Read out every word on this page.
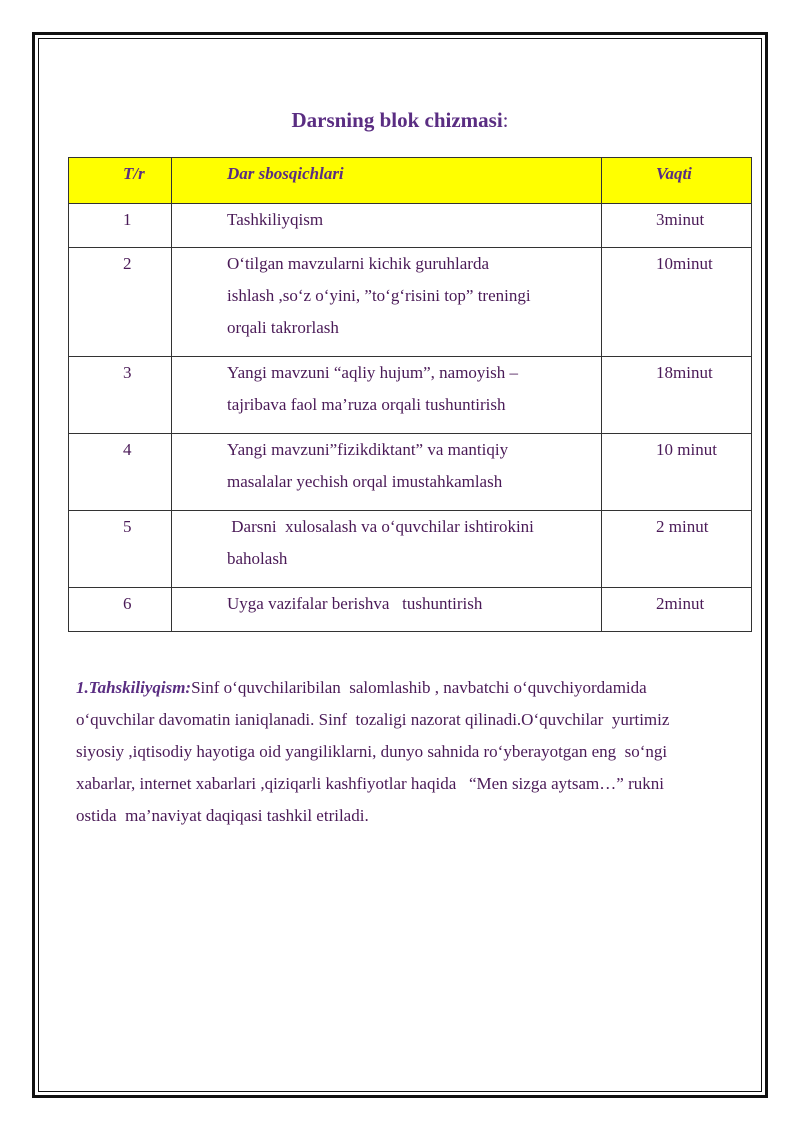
Darsning blok chizmasi:
T/r	Dar sbosqichlari	Vaqti
1	Tashkiliyqism	3minut
2	O‘tilgan mavzularni kichik guruhlarda
ishlash ,so‘z o‘yini, ”to‘g‘risini top” treningi
orqali takrorlash	10minut
3	Yangi mavzuni “aqliy hujum”, namoyish –
tajribava faol ma’ruza orqali tushuntirish	18minut
4	Yangi mavzuni”fizikdiktant” va mantiqiy
masalalar yechish orqal imustahkamlash	10 minut
5	Darsni  xulosalash va o‘quvchilar ishtirokini
baholash	2 minut
6	Uyga vazifalar berishva   tushuntirish	2minut
1.Tahskiliyqism:Sinf o‘quvchilaribilan  salomlashib , navbatchi o‘quvchiyordamida
o‘quvchilar davomatin ianiqlanadi. Sinf  tozaligi nazorat qilinadi.O‘quvchilar  yurtimiz
siyosiy ,iqtisodiy hayotiga oid yangiliklarni, dunyo sahnida ro‘yberayotgan eng  so‘ngi
xabarlar, internet xabarlari ,qiziqarli kashfiyotlar haqida   “Men sizga aytsam…” rukni
ostida  ma’naviyat daqiqasi tashkil etriladi.
